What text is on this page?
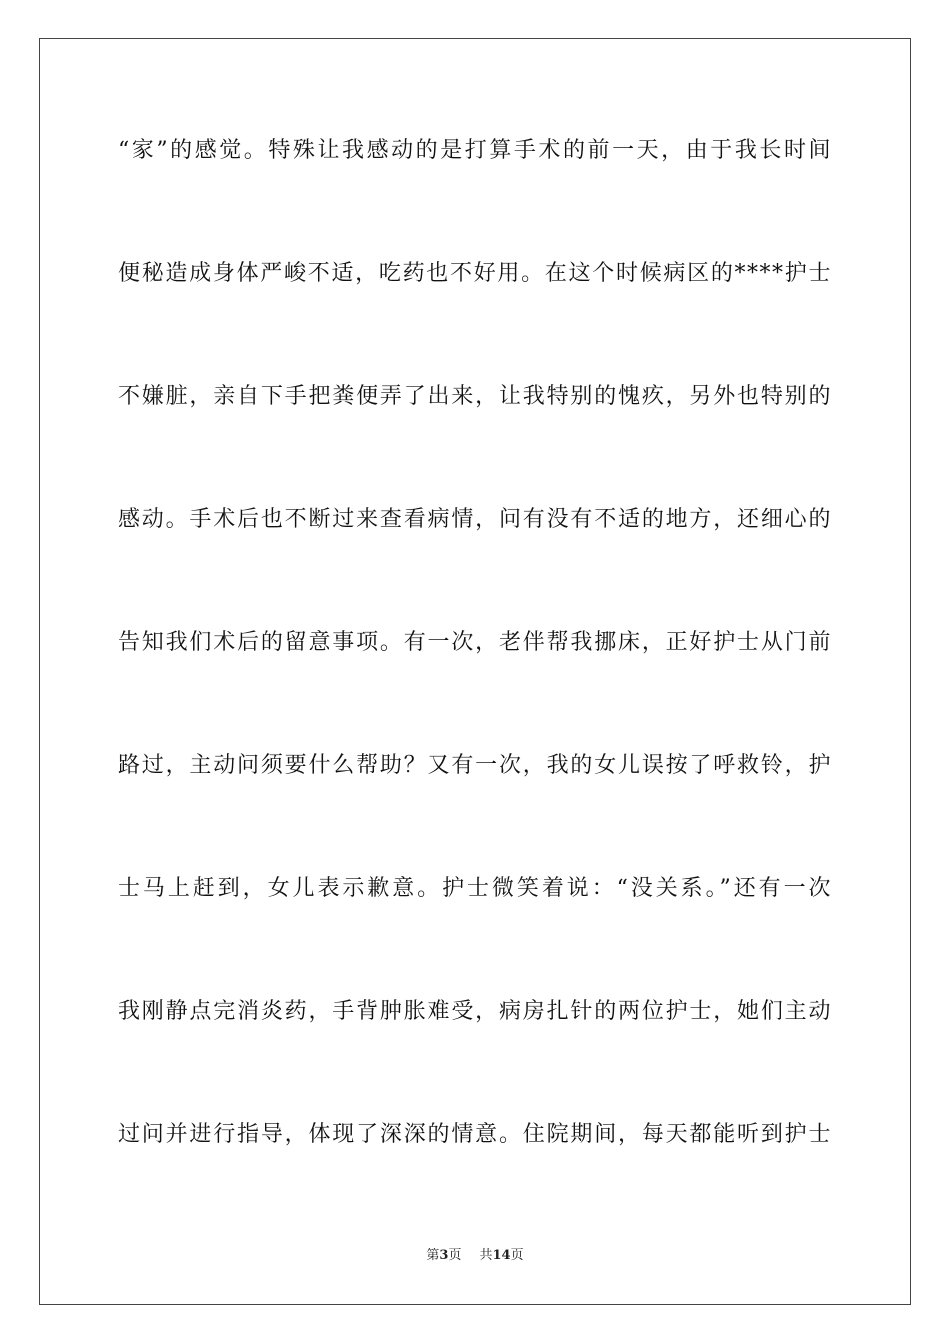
“家”的感觉。特殊让我感动的是打算手术的前一天，由于我长时间
便秘造成身体严峻不适，吃药也不好用。在这个时候病区的****护士
不嫌脏，亲自下手把粪便弄了出来，让我特别的愧疚，另外也特别的
感动。手术后也不断过来查看病情，问有没有不适的地方，还细心的
告知我们术后的留意事项。有一次，老伴帮我挪床，正好护士从门前
路过，主动问须要什么帮助？又有一次，我的女儿误按了呼救铃，护
士马上赶到，女儿表示歉意。护士微笑着说：“没关系。”还有一次
我刚静点完消炎药，手背肿胀难受，病房扎针的两位护士，她们主动
过问并进行指导，体现了深深的情意。住院期间，每天都能听到护士
第3页 共14页
